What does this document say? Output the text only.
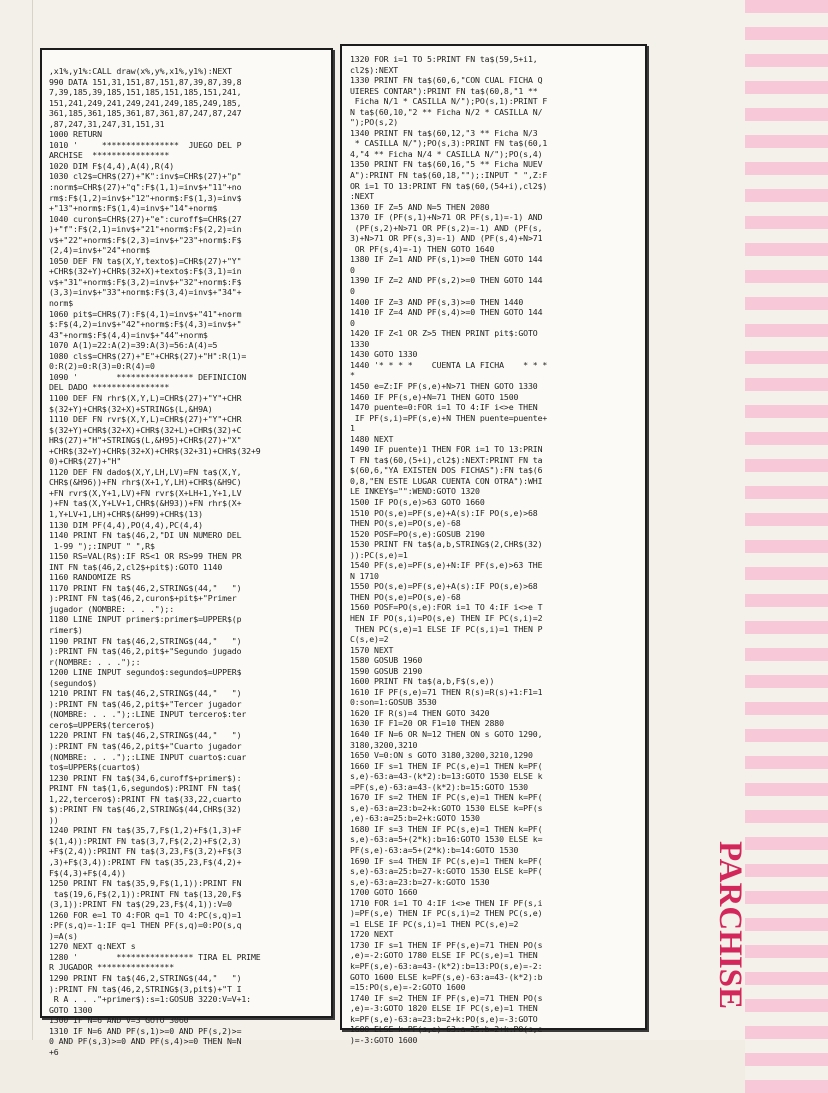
,x1%,y1%:CALL draw(x%,y%,x1%,y1%):NEXT
990 DATA 151,31,151,87,151,87,39,87,39,8
7,39,185,39,185,151,185,151,185,151,241,
151,241,249,241,249,241,249,185,249,185,
361,185,361,185,361,87,361,87,247,87,247
,87,247,31,247,31,151,31
1000 RETURN
1010 '     ****************  JUEGO DEL P
ARCHISE  ****************
1020 DIM F$(4,4),A(4),R(4)
1030 cl2$=CHR$(27)+"K":inv$=CHR$(27)+"p"
:norm$=CHR$(27)+"q":F$(1,1)=inv$+"11"+no
rm$:F$(1,2)=inv$+"12"+norm$:F$(1,3)=inv$
+"13"+norm$:F$(1,4)=inv$+"14"+norm$
1040 curon$=CHR$(27)+"e":curoff$=CHR$(27
)+"f":F$(2,1)=inv$+"21"+norm$:F$(2,2)=in
v$+"22"+norm$:F$(2,3)=inv$+"23"+norm$:F$
(2,4)=inv$+"24"+norm$
1050 DEF FN ta$(X,Y,texto$)=CHR$(27)+"Y"
+CHR$(32+Y)+CHR$(32+X)+texto$:F$(3,1)=in
v$+"31"+norm$:F$(3,2)=inv$+"32"+norm$:F$
(3,3)=inv$+"33"+norm$:F$(3,4)=inv$+"34"+
norm$
1060 pit$=CHR$(7):F$(4,1)=inv$+"41"+norm
$:F$(4,2)=inv$+"42"+norm$:F$(4,3)=inv$+"
43"+norm$:F$(4,4)=inv$+"44"+norm$
1070 A(1)=22:A(2)=39:A(3)=56:A(4)=5
1080 cls$=CHR$(27)+"E"+CHR$(27)+"H":R(1)=
0:R(2)=0:R(3)=0:R(4)=0
1090 '        **************** DEFINICION
DEL DADO ****************
1100 DEF FN rhr$(X,Y,L)=CHR$(27)+"Y"+CHR
$(32+Y)+CHR$(32+X)+STRING$(L,&H9A)
1110 DEF FN rvr$(X,Y,L)=CHR$(27)+"Y"+CHR
$(32+Y)+CHR$(32+X)+CHR$(32+L)+CHR$(32)+C
HR$(27)+"H"+STRING$(L,&H95)+CHR$(27)+"X"
+CHR$(32+Y)+CHR$(32+X)+CHR$(32+31)+CHR$(32+9
0)+CHR$(27)+"H"
1120 DEF FN dado$(X,Y,LH,LV)=FN ta$(X,Y,
CHR$(&H96))+FN rhr$(X+1,Y,LH)+CHR$(&H9C)
+FN rvr$(X,Y+1,LV)+FN rvr$(X+LH+1,Y+1,LV
)+FN ta$(X,Y+LV+1,CHR$(&H93))+FN rhr$(X+
1,Y+LV+1,LH)+CHR$(&H99)+CHR$(13)
1130 DIM PF(4,4),PO(4,4),PC(4,4)
1140 PRINT FN ta$(46,2,"DI UN NUMERO DEL
1-99 ");:INPUT " ",R$
1150 RS=VAL(R$):IF RS<1 OR RS>99 THEN PR
INT FN ta$(46,2,cl2$+pit$):GOTO 1140
1160 RANDOMIZE RS
1170 PRINT FN ta$(46,2,STRING$(44,"   ")
):PRINT FN ta$(46,2,curon$+pit$+"Primer
jugador (NOMBRE: . . .");:
1180 LINE INPUT primer$:primer$=UPPER$(p
rimer$)
1190 PRINT FN ta$(46,2,STRING$(44,"   ")
):PRINT FN ta$(46,2,pit$+"Segundo jugado
r(NOMBRE: . . .");:
1200 LINE INPUT segundo$:segundo$=UPPER$
(segundo$)
1210 PRINT FN ta$(46,2,STRING$(44,"   ")
):PRINT FN ta$(46,2,pit$+"Tercer jugador
(NOMBRE: . . .");:LINE INPUT tercero$:ter
cero$=UPPER$(tercero$)
1220 PRINT FN ta$(46,2,STRING$(44,"   ")
):PRINT FN ta$(46,2,pit$+"Cuarto jugador
(NOMBRE: . . .");:LINE INPUT cuarto$:cuar
to$=UPPER$(cuarto$)
1230 PRINT FN ta$(34,6,curoff$+primer$):
PRINT FN ta$(1,6,segundo$):PRINT FN ta$(
1,22,tercero$):PRINT FN ta$(33,22,cuarto
$):PRINT FN ta$(46,2,STRING$(44,CHR$(32)
))
1240 PRINT FN ta$(35,7,F$(1,2)+F$(1,3)+F
$(1,4)):PRINT FN ta$(3,7,F$(2,2)+F$(2,3)
+F$(2,4)):PRINT FN ta$(3,23,F$(3,2)+F$(3
,3)+F$(3,4)):PRINT FN ta$(35,23,F$(4,2)+
F$(4,3)+F$(4,4))
1250 PRINT FN ta$(35,9,F$(1,1)):PRINT FN
ta$(19,6,F$(2,1)):PRINT FN ta$(13,20,F$
(3,1)):PRINT FN ta$(29,23,F$(4,1)):V=0
1260 FOR e=1 TO 4:FOR q=1 TO 4:PC(s,q)=1
:PF(s,q)=-1:IF q=1 THEN PF(s,q)=0:PO(s,q
)=A(s)
1270 NEXT q:NEXT s
1280 '        **************** TIRA EL PRIME
R JUGADOR ****************
1290 PRINT FN ta$(46,2,STRING$(44,"   ")
):PRINT FN ta$(46,2,STRING$(3,pit$)+"T I
R A . . ."+primer$):s=1:GOSUB 3220:V=V+1:
GOTO 1300
1300 IF N=6 AND V=3 GOTO 3060
1310 IF N=6 AND PF(s,1)>=0 AND PF(s,2)>=
0 AND PF(s,3)>=0 AND PF(s,4)>=0 THEN N=N
+6
1320 FOR i=1 TO 5:PRINT FN ta$(59,5+i1,
cl2$):NEXT
1330 PRINT FN ta$(60,6,"CON CUAL FICHA Q
UIERES CONTAR"):PRINT FN ta$(60,8,"1 **
Ficha N/1 * CASILLA N/");PO(s,1):PRINT F
N ta$(60,10,"2 ** Ficha N/2 * CASILLA N/
");PO(s,2)
1340 PRINT FN ta$(60,12,"3 ** Ficha N/3
* CASILLA N/");PO(s,3):PRINT FN ta$(60,1
4,"4 ** Ficha N/4 * CASILLA N/");PO(s,4)
1350 PRINT FN ta$(60,16,"5 ** Ficha NUEV
A"):PRINT FN ta$(60,18,"");:INPUT " ",Z:F
OR i=1 TO 13:PRINT FN ta$(60,(54+i),cl2$)
:NEXT
1360 IF Z=5 AND N=5 THEN 2080
1370 IF (PF(s,1)+N>71 OR PF(s,1)=-1) AND
(PF(s,2)+N>71 OR PF(s,2)=-1) AND (PF(s,
3)+N>71 OR PF(s,3)=-1) AND (PF(s,4)+N>71
OR PF(s,4)=-1) THEN GOTO 1640
1380 IF Z=1 AND PF(s,1)>=0 THEN GOTO 144
0
1390 IF Z=2 AND PF(s,2)>=0 THEN GOTO 144
0
1400 IF Z=3 AND PF(s,3)>=0 THEN 1440
1410 IF Z=4 AND PF(s,4)>=0 THEN GOTO 144
0
1420 IF Z<1 OR Z>5 THEN PRINT pit$:GOTO
1330
1430 GOTO 1330
1440 '* * * *    CUENTA LA FICHA    * * *
*
1450 e=Z:IF PF(s,e)+N>71 THEN GOTO 1330
1460 IF PF(s,e)+N=71 THEN GOTO 1500
1470 puente=0:FOR i=1 TO 4:IF i<>e THEN
IF PF(s,i)=PF(s,e)+N THEN puente=puente+
1
1480 NEXT
1490 IF puente)1 THEN FOR i=1 TO 13:PRIN
T FN ta$(60,(5+i),cl2$):NEXT:PRINT FN ta
$(60,6,"YA EXISTEN DOS FICHAS"):FN ta$(6
0,8,"EN ESTE LUGAR CUENTA CON OTRA"):WHI
LE INKEY$="":WEND:GOTO 1320
1500 IF PO(s,e)>63 GOTO 1660
1510 PO(s,e)=PF(s,e)+A(s):IF PO(s,e)>68
THEN PO(s,e)=PO(s,e)-68
1520 POSF=PO(s,e):GOSUB 2190
1530 PRINT FN ta$(a,b,STRING$(2,CHR$(32)
)):PC(s,e)=1
1540 PF(s,e)=PF(s,e)+N:IF PF(s,e)>63 THE
N 1710
1550 PO(s,e)=PF(s,e)+A(s):IF PO(s,e)>68
THEN PO(s,e)=PO(s,e)-68
1560 POSF=PO(s,e):FOR i=1 TO 4:IF i<>e T
HEN IF PO(s,i)=PO(s,e) THEN IF PC(s,i)=2
THEN PC(s,e)=1 ELSE IF PC(s,i)=1 THEN P
C(s,e)=2
1570 NEXT
1580 GOSUB 1960
1590 GOSUB 2190
1600 PRINT FN ta$(a,b,F$(s,e))
1610 IF PF(s,e)=71 THEN R(s)=R(s)+1:F1=1
0:son=1:GOSUB 3530
1620 IF R(s)=4 THEN GOTO 3420
1630 IF F1=20 OR F1=10 THEN 2880
1640 IF N=6 OR N=12 THEN ON s GOTO 1290,
3180,3200,3210
1650 V=0:ON s GOTO 3180,3200,3210,1290
1660 IF s=1 THEN IF PC(s,e)=1 THEN k=PF(
s,e)-63:a=43-(k*2):b=13:GOTO 1530 ELSE k
=PF(s,e)-63:a=43-(k*2):b=15:GOTO 1530
1670 IF s=2 THEN IF PC(s,e)=1 THEN k=PF(
s,e)-63:a=23:b=2+k:GOTO 1530 ELSE k=PF(s
,e)-63:a=25:b=2+k:GOTO 1530
1680 IF s=3 THEN IF PC(s,e)=1 THEN k=PF(
s,e)-63:a=5+(2*k):b=16:GOTO 1530 ELSE k=
PF(s,e)-63:a=5+(2*k):b=14:GOTO 1530
1690 IF s=4 THEN IF PC(s,e)=1 THEN k=PF(
s,e)-63:a=25:b=27-k:GOTO 1530 ELSE k=PF(
s,e)-63:a=23:b=27-k:GOTO 1530
1700 GOTO 1660
1710 FOR i=1 TO 4:IF i<>e THEN IF PF(s,i
)=PF(s,e) THEN IF PC(s,i)=2 THEN PC(s,e)
=1 ELSE IF PC(s,i)=1 THEN PC(s,e)=2
1720 NEXT
1730 IF s=1 THEN IF PF(s,e)=71 THEN PO(s
,e)=-2:GOTO 1780 ELSE IF PC(s,e)=1 THEN
k=PF(s,e)-63:a=43-(k*2):b=13:PO(s,e)=-2:
GOTO 1600 ELSE k=PF(s,e)-63:a=43-(k*2):b
=15:PO(s,e)=-2:GOTO 1600
1740 IF s=2 THEN IF PF(s,e)=71 THEN PO(s
,e)=-3:GOTO 1820 ELSE IF PC(s,e)=1 THEN
k=PF(s,e)-63:a=23:b=2+k:PO(s,e)=-3:GOTO
1600 ELSE k=PF(s,e)-63:a=25:b=2+k:PO(s,e
)=-3:GOTO 1600
PARCHISE
